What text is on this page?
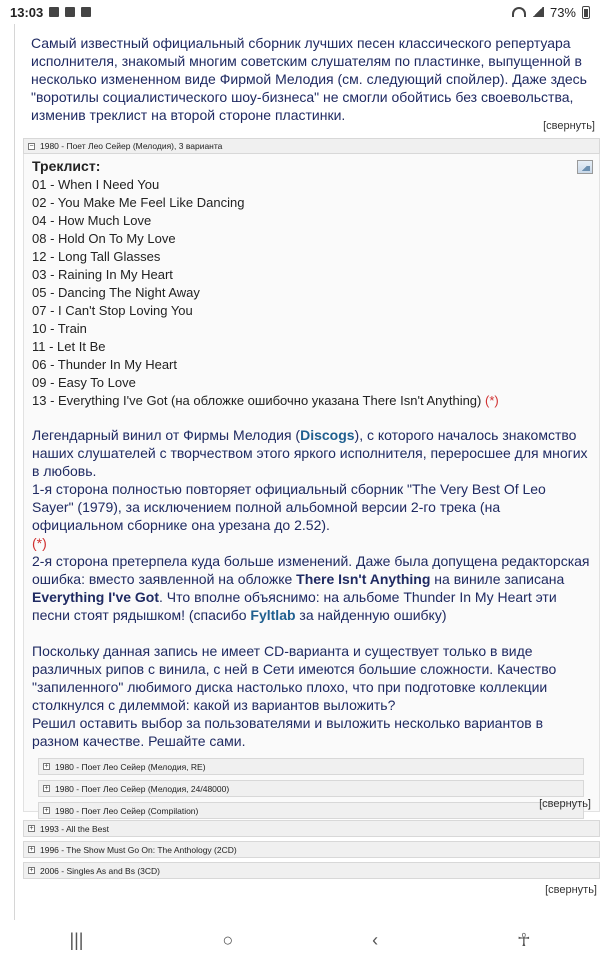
13:03	73%

Самый известный официальный сборник лучших песен классического репертуара исполнителя, знакомый многим советским слушателям по пластинке, выпущенной в несколько измененном виде Фирмой Мелодия (см. следующий спойлер). Даже здесь "воротилы социалистического шоу-бизнеса" не смогли обойтись без своевольства, изменив треклист на второй стороне пластинки.

[свернуть]
− 1980 - Поет Лео Сейер (Мелодия), 3 варианта
Треклист:
01 - When I Need You
02 - You Make Me Feel Like Dancing
04 - How Much Love
08 - Hold On To My Love
12 - Long Tall Glasses
03 - Raining In My Heart
05 - Dancing The Night Away
07 - I Can't Stop Loving You
10 - Train
11 - Let It Be
06 - Thunder In My Heart
09 - Easy To Love
13 - Everything I've Got (на обложке ошибочно указана There Isn't Anything) (*)

Легендарный винил от Фирмы Мелодия (Discogs), с которого началось знакомство наших слушателей с творчеством этого яркого исполнителя, переросшее для многих в любовь.

1-я сторона полностью повторяет официальный сборник "The Very Best Of Leo Sayer" (1979), за исключением полной альбомной версии 2-го трека (на официальном сборнике она урезана до 2.52).

(*)

2-я сторона претерпела куда больше изменений. Даже была допущена редакторская ошибка: вместо заявленной на обложке There Isn't Anything на виниле записана Everything I've Got. Что вполне объяснимо: на альбоме Thunder In My Heart эти песни стоят рядышком! (спасибо Fyltlab за найденную ошибку)

Поскольку данная запись не имеет CD-варианта и существует только в виде различных рипов с винила, с ней в Сети имеются большие сложности. Качество "запиленного" любимого диска настолько плохо, что при подготовке коллекции столкнулся с дилеммой: какой из вариантов выложить?

Решил оставить выбор за пользователями и выложить несколько вариантов в разном качестве. Решайте сами.

+ 1980 - Поет Лео Сейер (Мелодия, RE)
+ 1980 - Поет Лео Сейер (Мелодия, 24/48000)
+ 1980 - Поет Лео Сейер (Compilation)
[свернуть]
+ 1993 - All the Best
+ 1996 - The Show Must Go On: The Anthology (2CD)
+ 2006 - Singles As and Bs (3CD)
[свернуть]
|||	○	‹	☥
